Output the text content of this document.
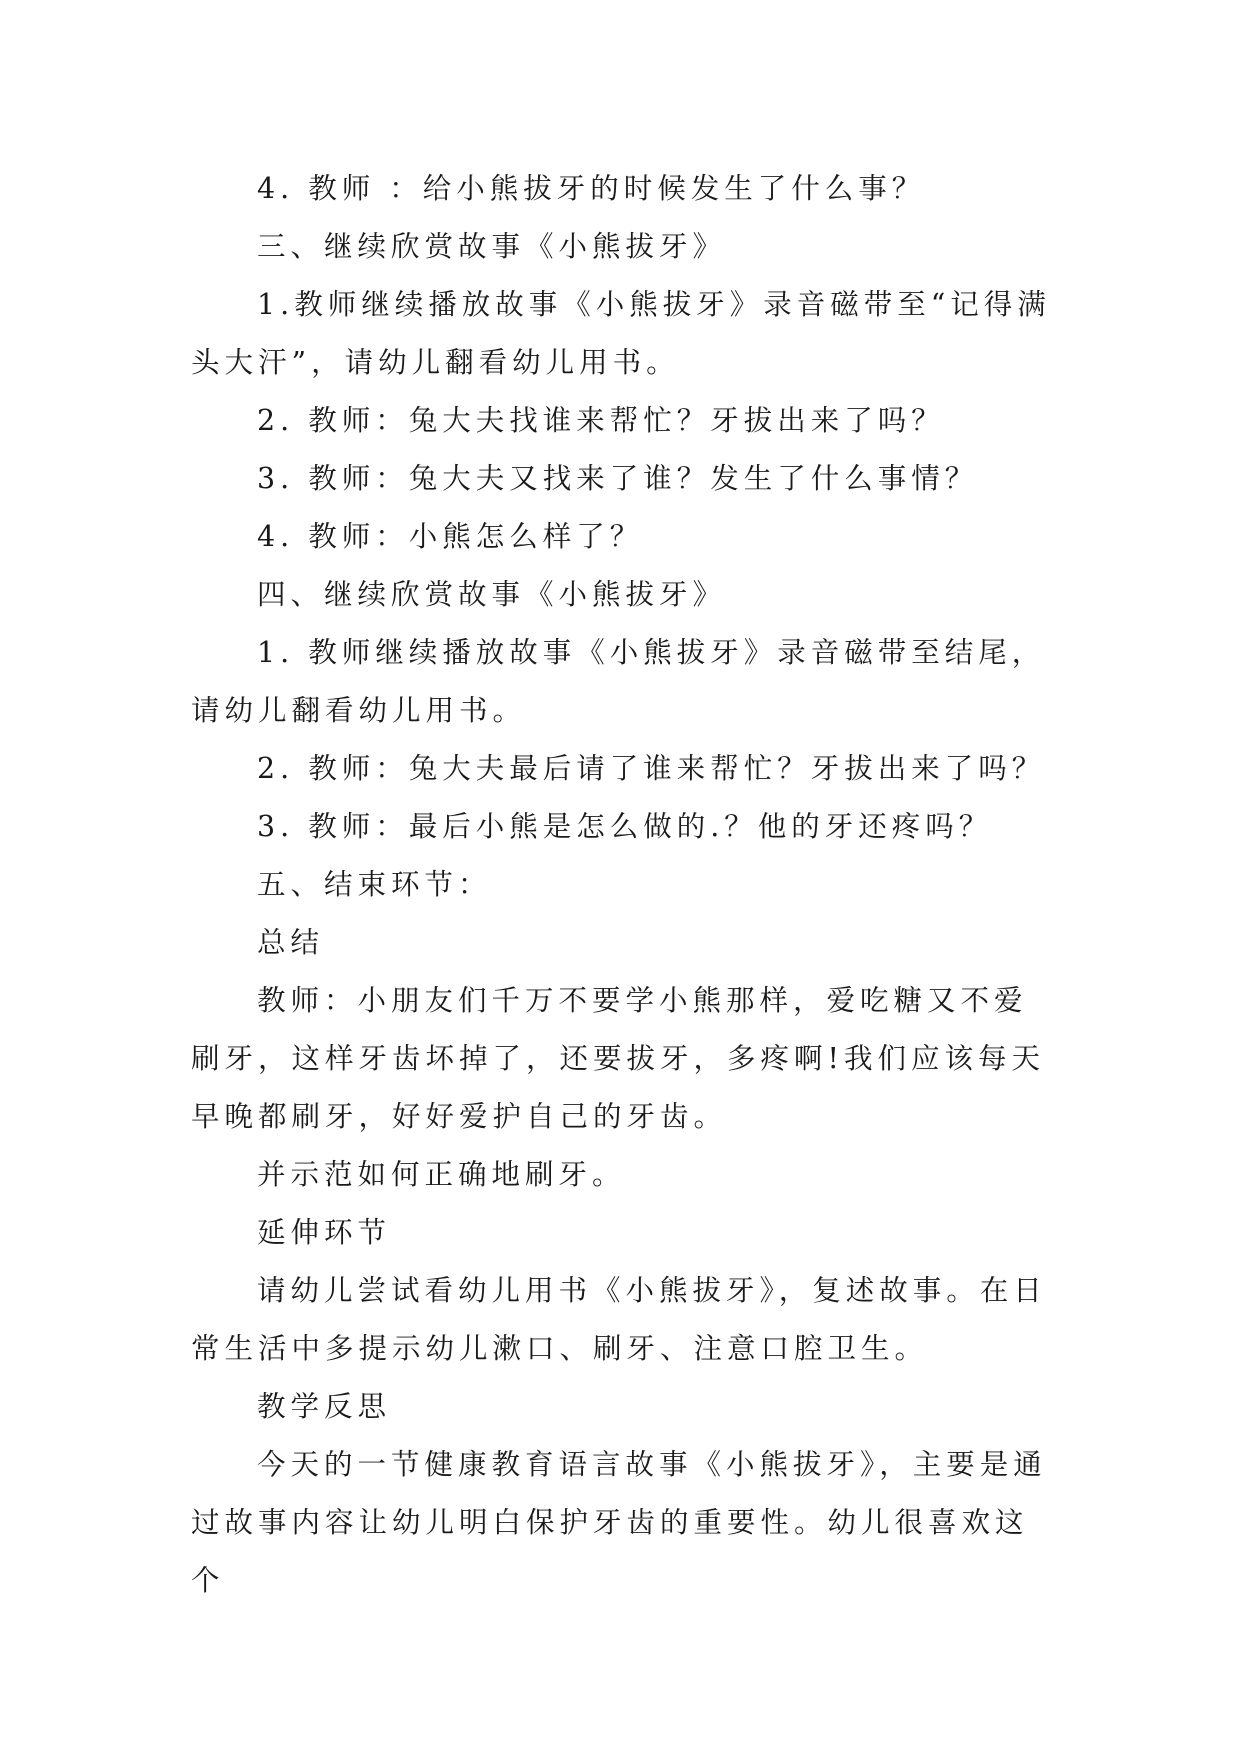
4. 教师 ：给小熊拔牙的时候发生了什么事？

三、继续欣赏故事《小熊拔牙》

1.教师继续播放故事《小熊拔牙》录音磁带至“记得满头大汗”，请幼儿翻看幼儿用书。

2. 教师：兔大夫找谁来帮忙？牙拔出来了吗？

3. 教师：兔大夫又找来了谁？发生了什么事情？

4. 教师：小熊怎么样了？

四、继续欣赏故事《小熊拔牙》

1. 教师继续播放故事《小熊拔牙》录音磁带至结尾，请幼儿翻看幼儿用书。

2. 教师：兔大夫最后请了谁来帮忙？牙拔出来了吗？

3. 教师：最后小熊是怎么做的.？他的牙还疼吗？

五、结束环节：

总结

教师：小朋友们千万不要学小熊那样，爱吃糖又不爱刷牙，这样牙齿坏掉了，还要拔牙，多疼啊!我们应该每天早晚都刷牙，好好爱护自己的牙齿。

并示范如何正确地刷牙。

延伸环节

请幼儿尝试看幼儿用书《小熊拔牙》，复述故事。在日常生活中多提示幼儿漱口、刷牙、注意口腔卫生。

教学反思

今天的一节健康教育语言故事《小熊拔牙》，主要是通过故事内容让幼儿明白保护牙齿的重要性。幼儿很喜欢这个
